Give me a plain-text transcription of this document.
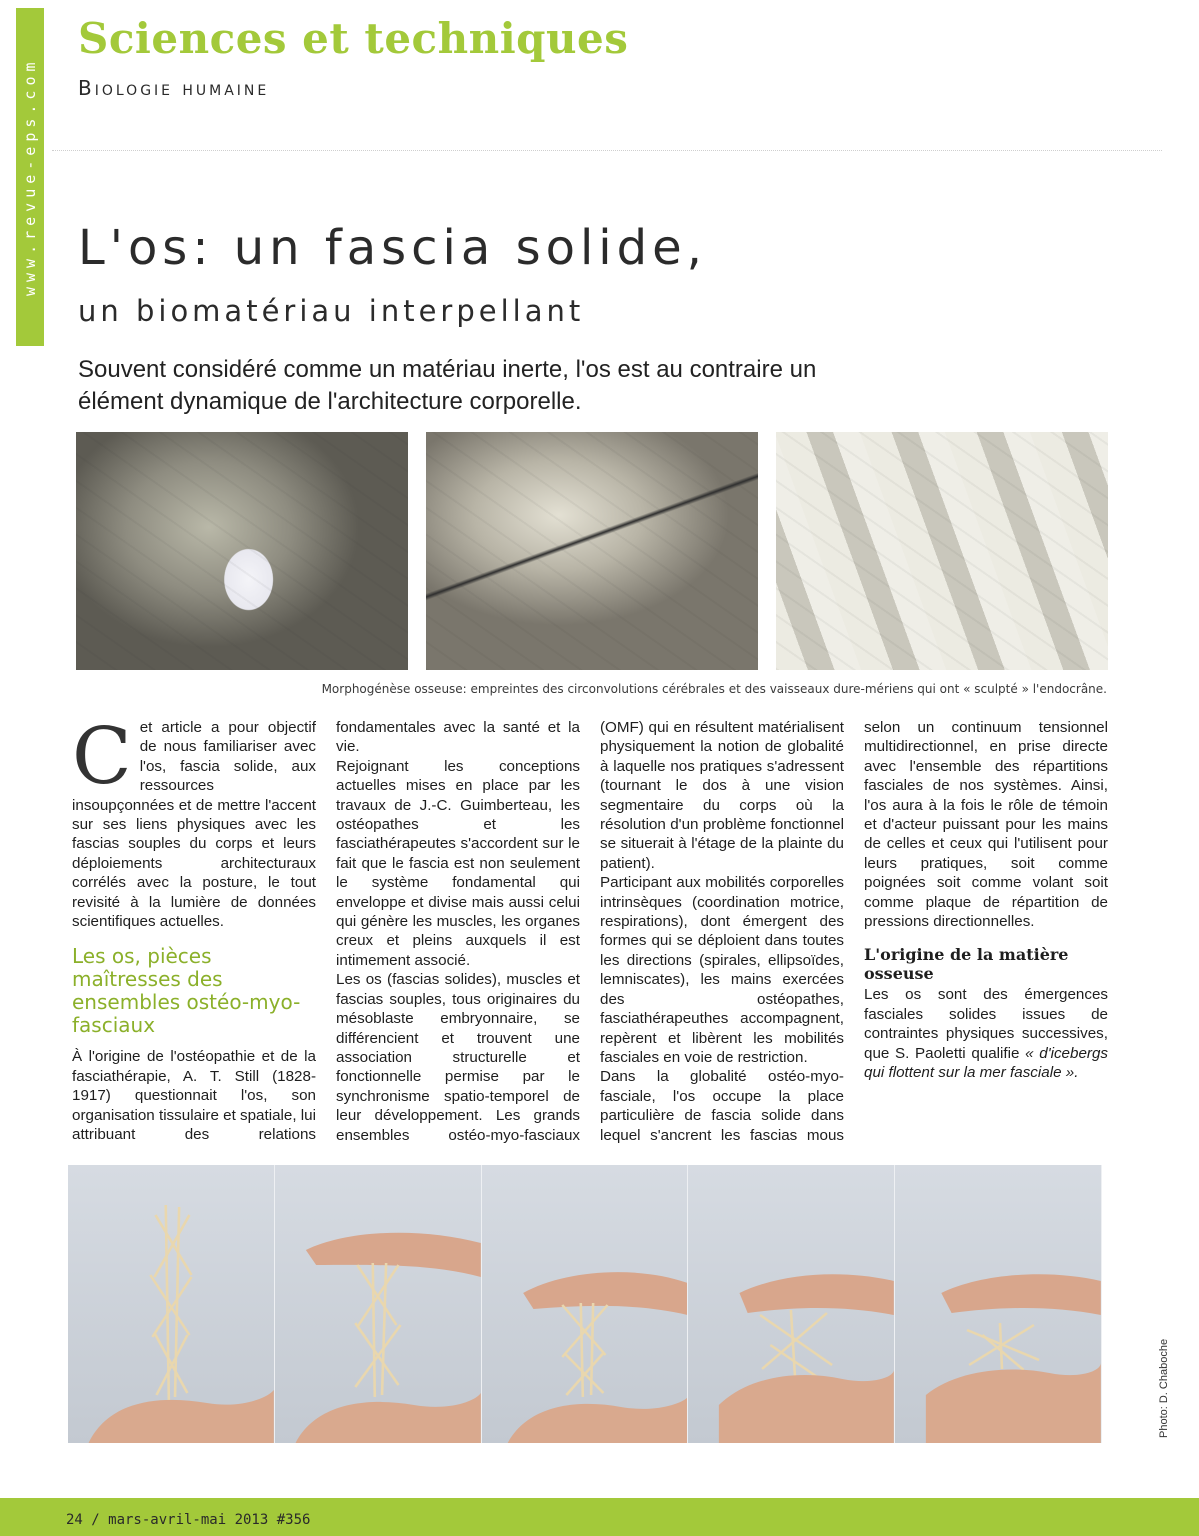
www.revue-eps.com
Sciences et techniques
Biologie humaine
L'os: un fascia solide,
un biomatériau interpellant

Souvent considéré comme un matériau inerte, l'os est au contraire un élément dynamique de l'architecture corporelle.

Morphogénèse osseuse: empreintes des circonvolutions cérébrales et des vaisseaux dure-mériens qui ont « sculpté » l'endocrâne.

Cet article a pour objectif de nous familiariser avec l'os, fascia solide, aux ressources insoupçonnées et de mettre l'accent sur ses liens physiques avec les fascias souples du corps et leurs déploiements architecturaux corrélés avec la posture, le tout revisité à la lumière de données scientifiques actuelles.

Les os, pièces maîtresses des ensembles ostéo-myo-fasciaux

À l'origine de l'ostéopathie et de la fasciathérapie, A. T. Still (1828-1917) questionnait l'os, son organisation tissulaire et spatiale, lui attribuant des relations fondamentales avec la santé et la vie.

Rejoignant les conceptions actuelles mises en place par les travaux de J.-C. Guimberteau, les ostéopathes et les fasciathérapeutes s'accordent sur le fait que le fascia est non seulement le système fondamental qui enveloppe et divise mais aussi celui qui génère les muscles, les organes creux et pleins auxquels il est intimement associé.

Les os (fascias solides), muscles et fascias souples, tous originaires du mésoblaste embryonnaire, se différencient et trouvent une association structurelle et fonctionnelle permise par le synchronisme spatio-temporel de leur développement. Les grands ensembles ostéo-myo-fasciaux (OMF) qui en résultent matérialisent physiquement la notion de globalité à laquelle nos pratiques s'adressent (tournant le dos à une vision segmentaire du corps où la résolution d'un problème fonctionnel se situerait à l'étage de la plainte du patient).

Participant aux mobilités corporelles intrinsèques (coordination motrice, respirations), dont émergent des formes qui se déploient dans toutes les directions (spirales, ellipsoïdes, lemniscates), les mains exercées des ostéopathes, fasciathérapeuthes accompagnent, repèrent et libèrent les mobilités fasciales en voie de restriction.

Dans la globalité ostéo-myo-fasciale, l'os occupe la place particulière de fascia solide dans lequel s'ancrent les fascias mous selon un continuum tensionnel multidirectionnel, en prise directe avec l'ensemble des répartitions fasciales de nos systèmes. Ainsi, l'os aura à la fois le rôle de témoin et d'acteur puissant pour les mains de celles et ceux qui l'utilisent pour leurs pratiques, soit comme poignées soit comme volant soit comme plaque de répartition de pressions directionnelles.

L'origine de la matière osseuse

Les os sont des émergences fasciales solides issues de contraintes physiques successives, que S. Paoletti qualifie « d'icebergs qui flottent sur la mer fasciale ».

Photo: D. Chaboche

24 / mars-avril-mai 2013 #356
